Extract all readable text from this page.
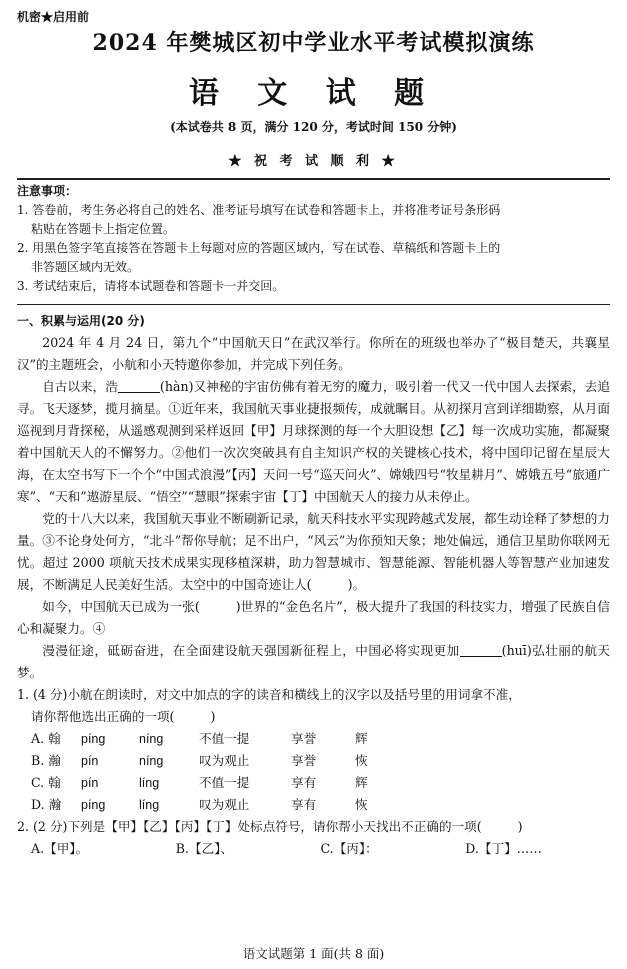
机密★启用前
2024 年樊城区初中学业水平考试模拟演练
语 文 试 题
(本试卷共 8 页，满分 120 分，考试时间 150 分钟)
★ 祝 考 试 顺 利 ★

注意事项：

1. 答卷前，考生务必将自己的姓名、准考证号填写在试卷和答题卡上，并将准考证号条形码

粘贴在答题卡上指定位置。

2. 用黑色签字笔直接答在答题卡上每题对应的答题区域内，写在试卷、草稿纸和答题卡上的

非答题区域内无效。

3. 考试结束后，请将本试题卷和答题卡一并交回。

一、积累与运用(20 分)

2024 年 4 月 24 日，第九个“中国航天日”在武汉举行。你所在的班级也举办了“极目楚天，共襄星汉”的主题班会，小航和小天特邀你参加，并完成下列任务。

自古以来，浩	(hàn)又神秘的宇宙仿佛有着无穷的魔力，吸引着一代又一代中国人去探索，去追寻。飞天逐梦，揽月摘星。①近年来，我国航天事业捷报频传，成就瞩目。从初探月宫到详细勘察，从月面巡视到月背探秘，从遥感观测到采样返回【甲】月球探测的每一个大胆设想【乙】每一次成功实施，都凝聚着中国航天人的不懈努力。②他们一次次突破具有自主知识产权的关键核心技术，将中国印记留在星辰大海，在太空书写下一个个“中国式浪漫”【丙】天问一号“巡天问火”、嫦娥四号“牧星耕月”、嫦娥五号“旅通广寒”、“天和”遨游星辰、“悟空”“慧眼”探索宇宙【丁】中国航天人的接力从未停止。

党的十八大以来，我国航天事业不断刷新记录，航天科技水平实现跨越式发展，都生动诠释了梦想的力量。③不论身处何方，“北斗”帮你导航；足不出户，“风云”为你预知天象；地处偏远，通信卫星助你联网无忧。超过 2000 项航天技术成果实现移植深耕，助力智慧城市、智慧能源、智能机器人等智慧产业加速发展，不断满足人民美好生活。太空中的中国奇迹让人(	)。

如今，中国航天已成为一张(	)世界的“金色名片”，极大提升了我国的科技实力，增强了民族自信心和凝聚力。④

漫漫征途，砥砺奋进，在全面建设航天强国新征程上，中国必将实现更加	(huī)弘壮丽的航天梦。

1. (4 分)小航在朗读时，对文中加点的字的读音和横线上的汉字以及括号里的用词拿不准，

请你帮他选出正确的一项(	)

A. 翰	píng	níng	不值一提	享誉	辉
B. 瀚	pín	níng	叹为观止	享誉	恢
C. 翰	pín	líng	不值一提	享有	辉
D. 瀚	píng	líng	叹为观止	享有	恢

2. (2 分)下列是【甲】【乙】【丙】【丁】处标点符号，请你帮小天找出不正确的一项(	)

A.【甲】。	B.【乙】、	C.【丙】：	D.【丁】……
语文试题第 1 面(共 8 面)
